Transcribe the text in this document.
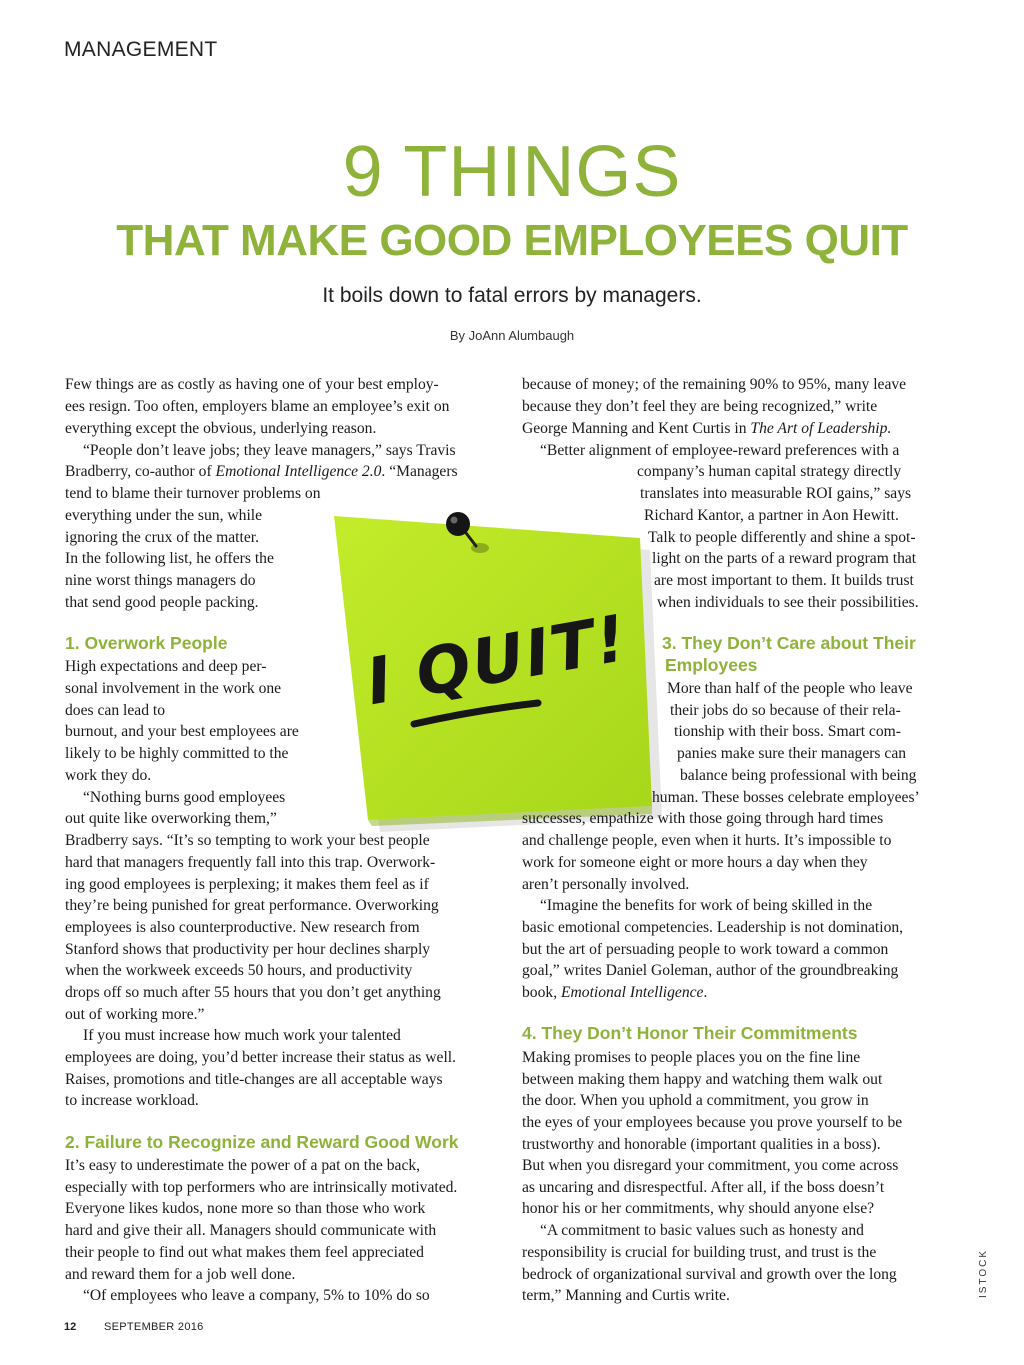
MANAGEMENT
9 THINGS
THAT MAKE GOOD EMPLOYEES QUIT
It boils down to fatal errors by managers.
By JoAnn Alumbaugh
I QUIT!
Few things are as costly as having one of your best employ-
ees resign. Too often, employers blame an employee’s exit on
everything except the obvious, underlying reason.
“People don’t leave jobs; they leave managers,” says Travis
Bradberry, co-author of Emotional Intelligence 2.0. “Managers
tend to blame their turnover problems on
everything under the sun, while
ignoring the crux of the matter.
In the following list, he offers the
nine worst things managers do
that send good people packing.
1. Overwork People
High expectations and deep per-
sonal involvement in the work one
does can lead to
burnout, and your best employees are
likely to be highly committed to the
work they do.
“Nothing burns good employees
out quite like overworking them,”
Bradberry says. “It’s so tempting to work your best people
hard that managers frequently fall into this trap. Overwork-
ing good employees is perplexing; it makes them feel as if
they’re being punished for great performance. Overworking
employees is also counterproductive. New research from
Stanford shows that productivity per hour declines sharply
when the workweek exceeds 50 hours, and productivity
drops off so much after 55 hours that you don’t get anything
out of working more.”
If you must increase how much work your talented
employees are doing, you’d better increase their status as well.
Raises, promotions and title-changes are all acceptable ways
to increase workload.
2. Failure to Recognize and Reward Good Work
It’s easy to underestimate the power of a pat on the back,
especially with top performers who are intrinsically motivated.
Everyone likes kudos, none more so than those who work
hard and give their all. Managers should communicate with
their people to find out what makes them feel appreciated
and reward them for a job well done.
“Of employees who leave a company, 5% to 10% do so
because of money; of the remaining 90% to 95%, many leave
because they don’t feel they are being recognized,” write
George Manning and Kent Curtis in The Art of Leadership.
“Better alignment of employee-reward preferences with a
company’s human capital strategy directly
translates into measurable ROI gains,” says
Richard Kantor, a partner in Aon Hewitt.
Talk to people differently and shine a spot-
light on the parts of a reward program that
are most important to them. It builds trust
when individuals to see their possibilities.
3. They Don’t Care about Their
Employees
More than half of the people who leave
their jobs do so because of their rela-
tionship with their boss. Smart com-
panies make sure their managers can
balance being professional with being
human. These bosses celebrate employees’
successes, empathize with those going through hard times
and challenge people, even when it hurts. It’s impossible to
work for someone eight or more hours a day when they
aren’t personally involved.
“Imagine the benefits for work of being skilled in the
basic emotional competencies. Leadership is not domination,
but the art of persuading people to work toward a common
goal,” writes Daniel Goleman, author of the groundbreaking
book, Emotional Intelligence.
4. They Don’t Honor Their Commitments
Making promises to people places you on the fine line
between making them happy and watching them walk out
the door. When you uphold a commitment, you grow in
the eyes of your employees because you prove yourself to be
trustworthy and honorable (important qualities in a boss).
But when you disregard your commitment, you come across
as uncaring and disrespectful. After all, if the boss doesn’t
honor his or her commitments, why should anyone else?
“A commitment to basic values such as honesty and
responsibility is crucial for building trust, and trust is the
bedrock of organizational survival and growth over the long
term,” Manning and Curtis write.
12	SEPTEMBER 2016
ISTOCK
